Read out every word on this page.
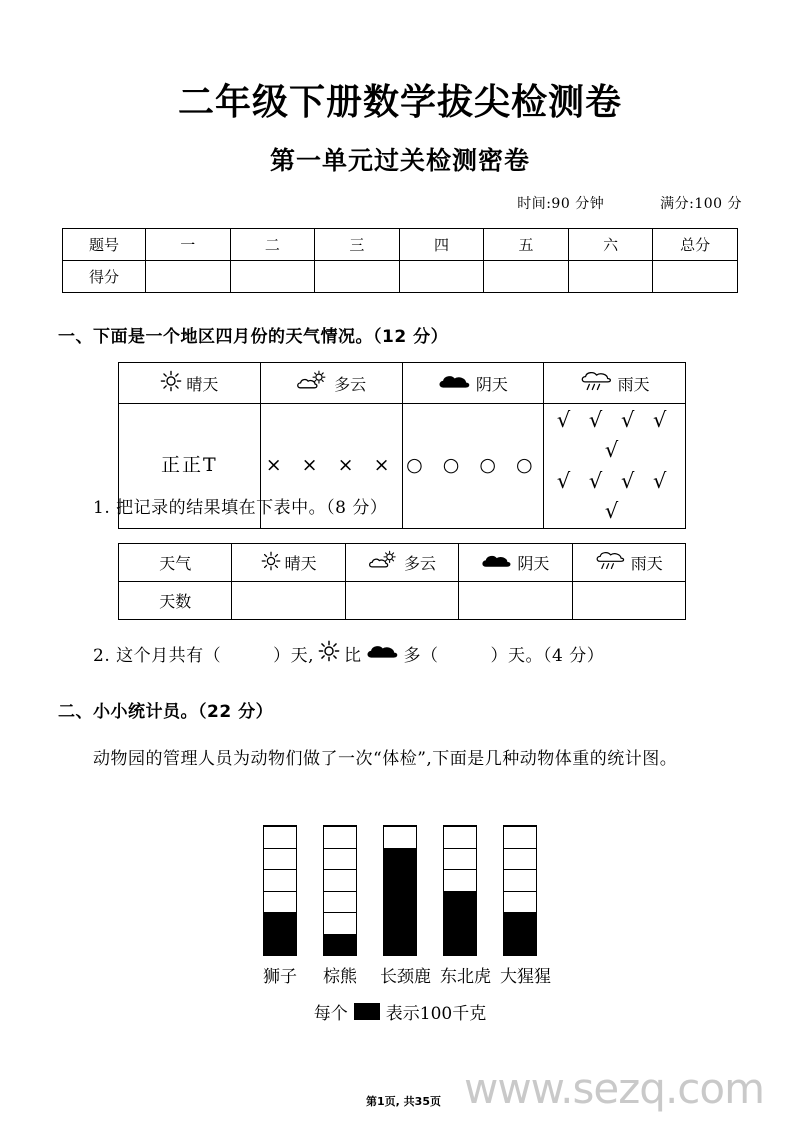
二年级下册数学拔尖检测卷
第一单元过关检测密卷
时间:90 分钟	满分:100 分
题号	一	二	三	四	五	六	总分
得分							
一、下面是一个地区四月份的天气情况。（12 分）
晴天	多云	阴天	雨天

正正T	× × × ×	○ ○ ○ ○	√ √ √ √ √
√ √ √ √ √
1. 把记录的结果填在下表中。（8 分）
天气	晴天	多云	阴天	雨天

天数				
2. 这个月共有（	）天, 比 多（	）天。（4 分）
二、小小统计员。（22 分）
动物园的管理人员为动物们做了一次“体检”,下面是几种动物体重的统计图。
狮子 棕熊 长颈鹿 东北虎 大猩猩
每个 表示100千克
第1页, 共35页 www.sezq.com
